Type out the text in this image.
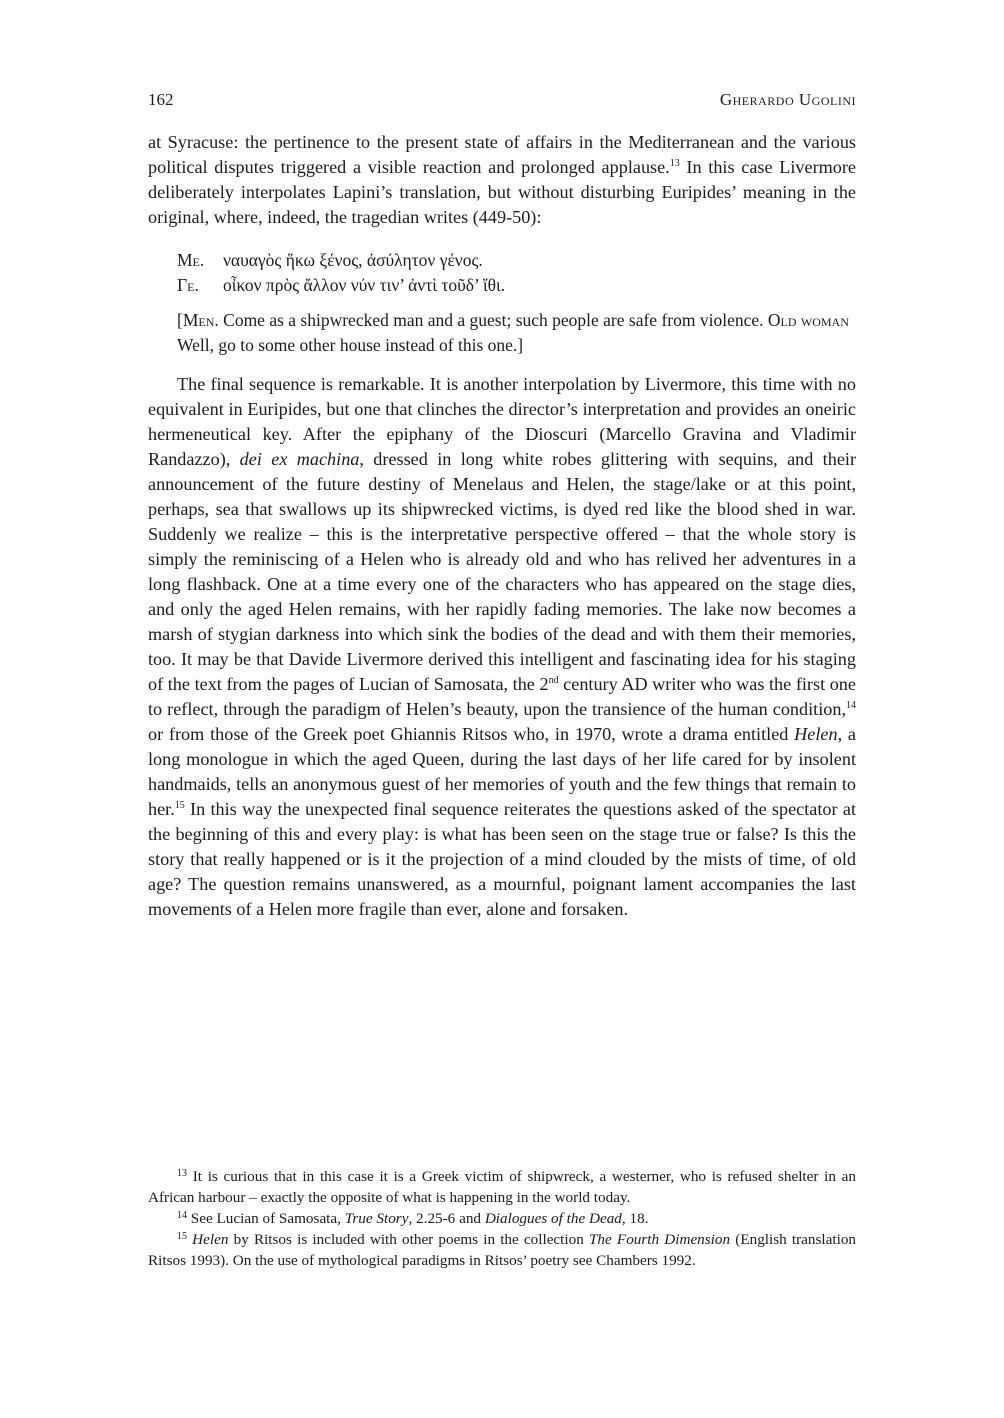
162	Gherardo Ugolini

at Syracuse: the pertinence to the present state of affairs in the Mediterranean and the various political disputes triggered a visible reaction and prolonged applause.$^{13}$ In this case Livermore deliberately interpolates Lapini’s translation, but without disturbing Euripides’ meaning in the original, where, indeed, the tragedian writes (449-50):

Με.	ναυαγὸς ἥκω ξένος, ἀσύλητον γένος.
Γε.	οἶκον πρὸς ἄλλον νύν τιν’ ἀντὶ τοῦδ’ ἴθι.
[Men. Come as a shipwrecked man and a guest; such people are safe from violence. Old woman Well, go to some other house instead of this one.]

The final sequence is remarkable. It is another interpolation by Livermore, this time with no equivalent in Euripides, but one that clinches the director’s interpretation and provides an oneiric hermeneutical key. After the epiphany of the Dioscuri (Marcello Gravina and Vladimir Randazzo), dei ex machina, dressed in long white robes glittering with sequins, and their announcement of the future destiny of Menelaus and Helen, the stage/lake or at this point, perhaps, sea that swallows up its shipwrecked victims, is dyed red like the blood shed in war. Suddenly we realize – this is the interpretative perspective offered – that the whole story is simply the reminiscing of a Helen who is already old and who has relived her adventures in a long flashback. One at a time every one of the characters who has appeared on the stage dies, and only the aged Helen remains, with her rapidly fading memories. The lake now becomes a marsh of stygian darkness into which sink the bodies of the dead and with them their memories, too. It may be that Davide Livermore derived this intelligent and fascinating idea for his staging of the text from the pages of Lucian of Samosata, the 2nd century AD writer who was the first one to reflect, through the paradigm of Helen’s beauty, upon the transience of the human condition,$^{14}$ or from those of the Greek poet Ghiannis Ritsos who, in 1970, wrote a drama entitled Helen, a long monologue in which the aged Queen, during the last days of her life cared for by insolent handmaids, tells an anonymous guest of her memories of youth and the few things that remain to her.$^{15}$ In this way the unexpected final sequence reiterates the questions asked of the spectator at the beginning of this and every play: is what has been seen on the stage true or false? Is this the story that really happened or is it the projection of a mind clouded by the mists of time, of old age? The question remains unanswered, as a mournful, poignant lament accompanies the last movements of a Helen more fragile than ever, alone and forsaken.

$^{13}$ It is curious that in this case it is a Greek victim of shipwreck, a westerner, who is refused shelter in an African harbour – exactly the opposite of what is happening in the world today.

$^{14}$ See Lucian of Samosata, True Story, 2.25-6 and Dialogues of the Dead, 18.

$^{15}$ Helen by Ritsos is included with other poems in the collection The Fourth Dimension (English translation Ritsos 1993). On the use of mythological paradigms in Ritsos’ poetry see Chambers 1992.
